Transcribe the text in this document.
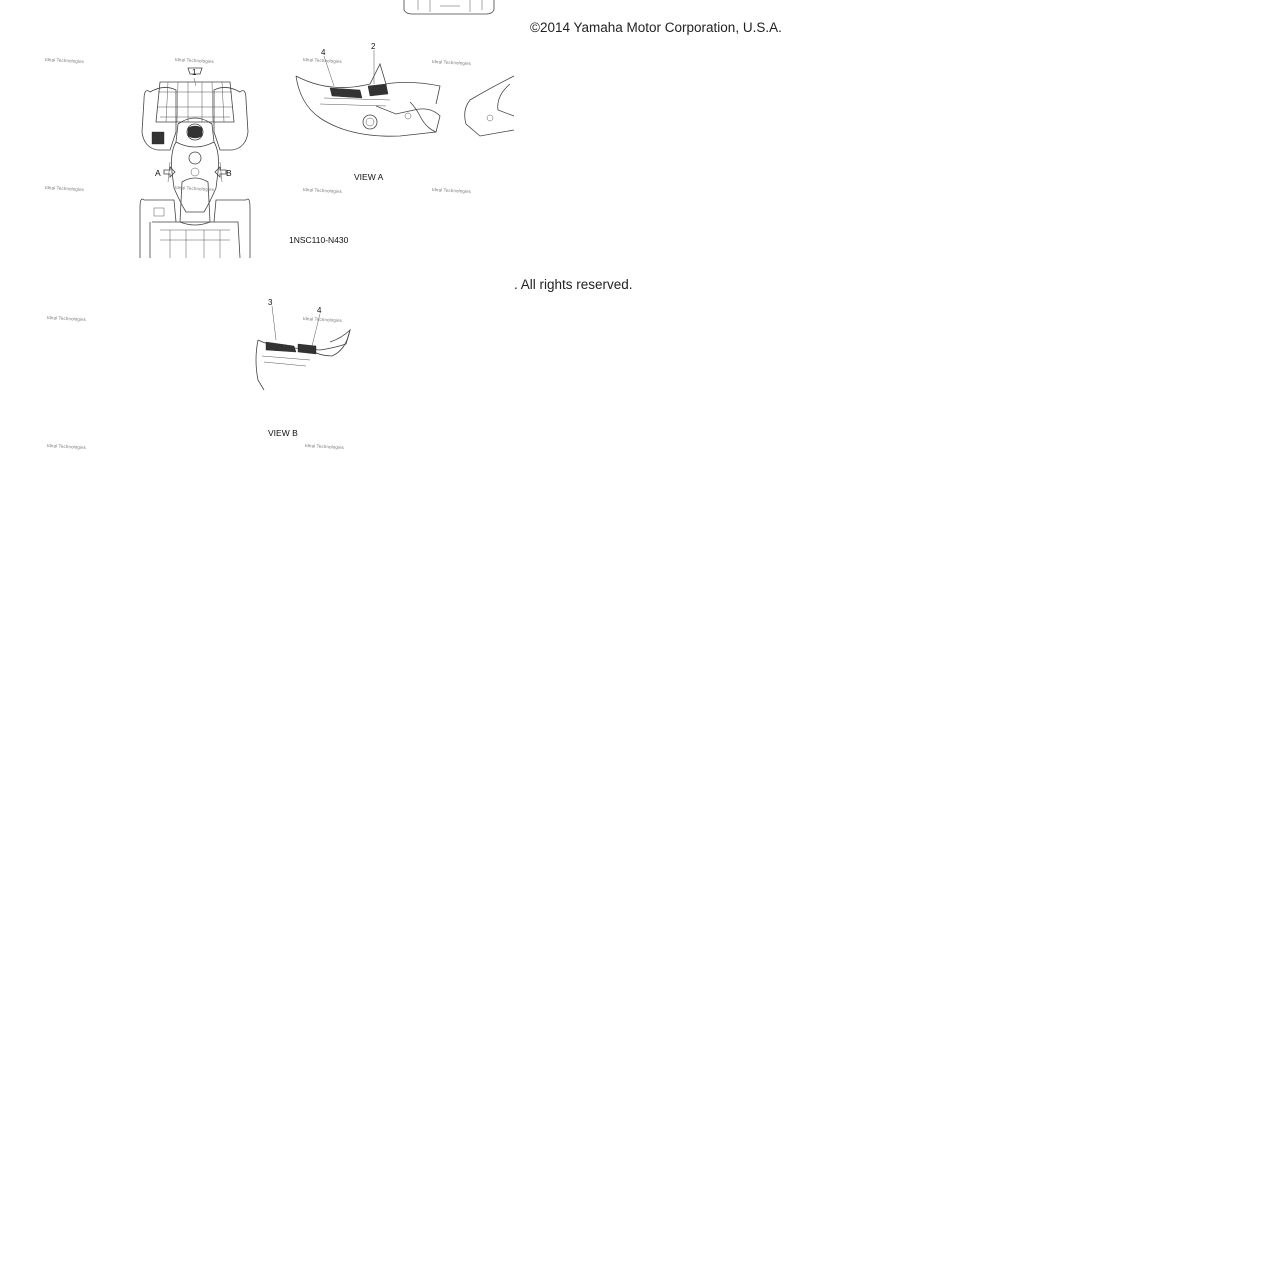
©2014 Yamaha Motor Corporation, U.S.A.
1
A	B
4
2
VIEW A
1NSC110-N430
. All rights reserved.
3
4
VIEW B
Ideal Technologies	Ideal Technologies	Ideal Technologies	Ideal Technologies
Ideal Technologies	Ideal Technologies	Ideal Technologies	Ideal Technologies
Ideal Technologies	Ideal Technologies
Ideal Technologies	Ideal Technologies
